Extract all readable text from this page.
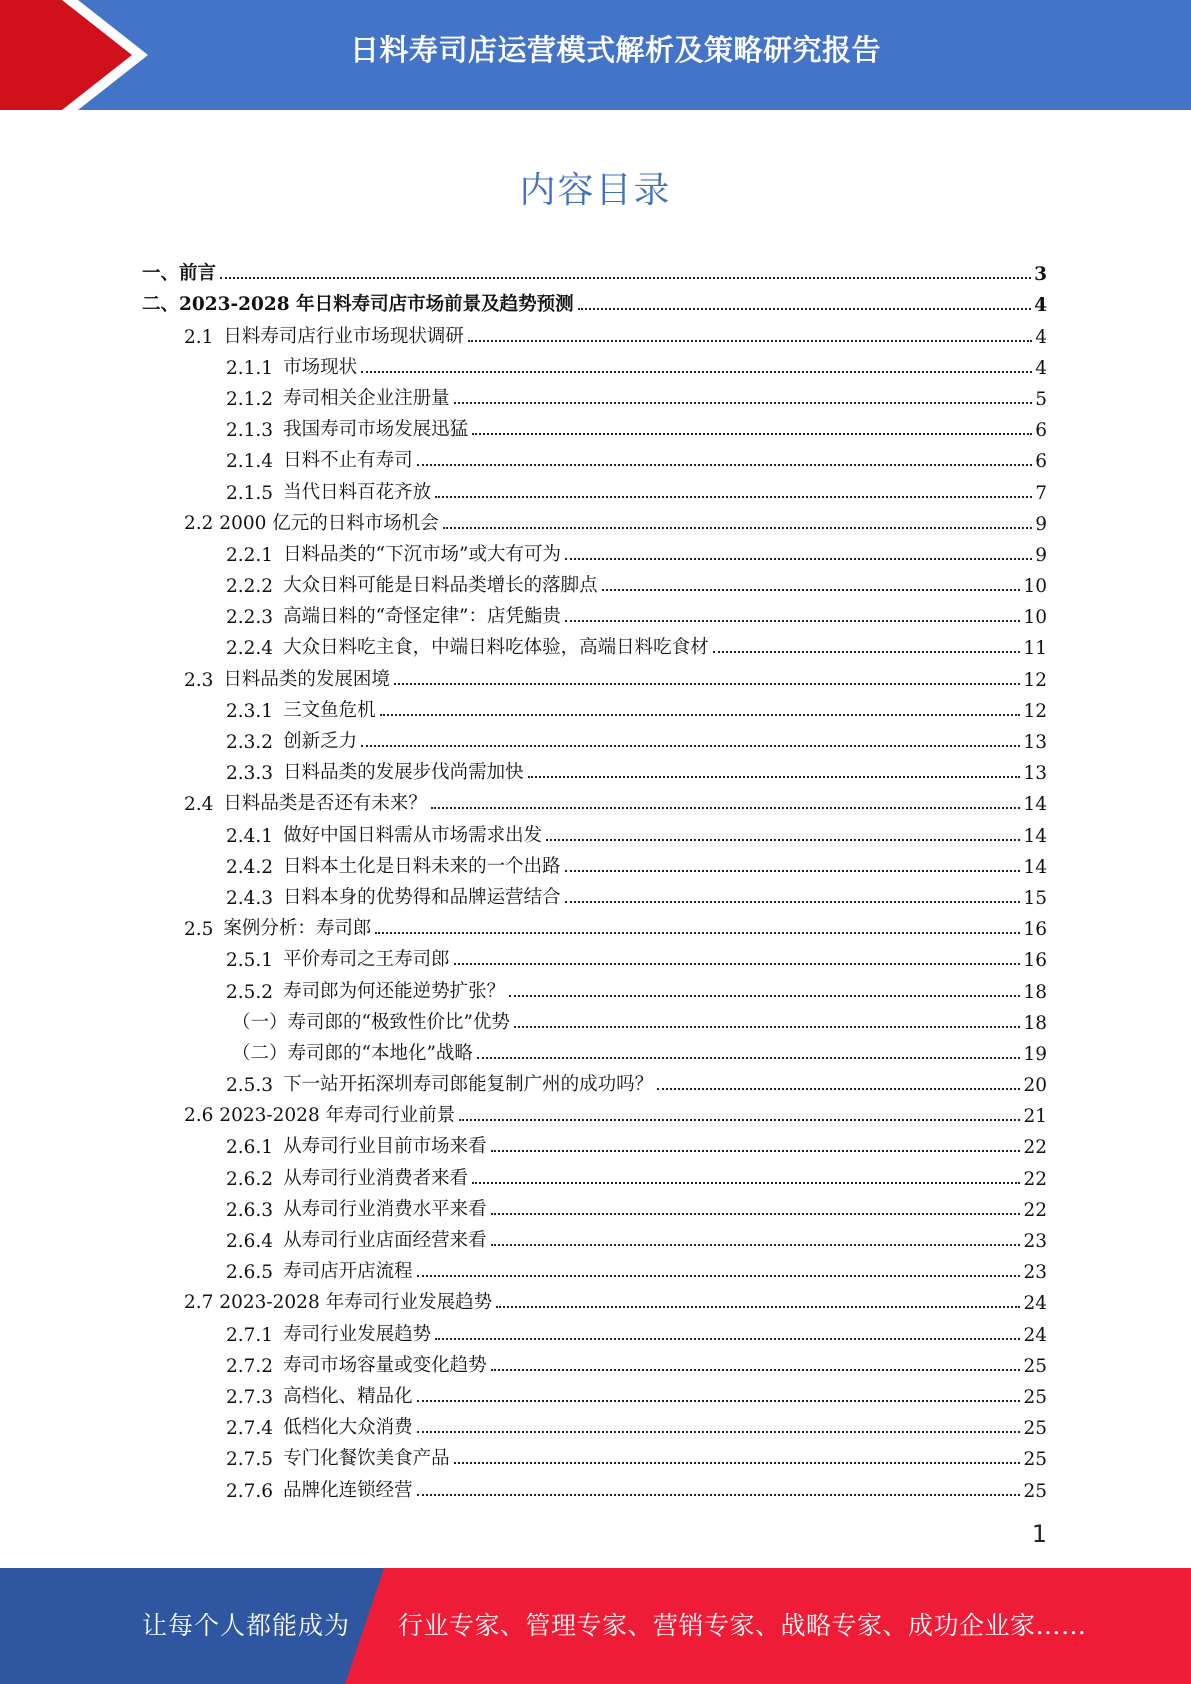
日料寿司店运营模式解析及策略研究报告
内容目录
一、前言	3
二、2023-2028 年日料寿司店市场前景及趋势预测	4
2.1 日料寿司店行业市场现状调研	4
2.1.1 市场现状	4
2.1.2 寿司相关企业注册量	5
2.1.3 我国寿司市场发展迅猛	6
2.1.4 日料不止有寿司	6
2.1.5 当代日料百花齐放	7
2.2 2000 亿元的日料市场机会	9
2.2.1 日料品类的“下沉市场”或大有可为	9
2.2.2 大众日料可能是日料品类增长的落脚点	10
2.2.3 高端日料的“奇怪定律”：店凭鮨贵	10
2.2.4 大众日料吃主食，中端日料吃体验，高端日料吃食材	11
2.3 日料品类的发展困境	12
2.3.1 三文鱼危机	12
2.3.2 创新乏力	13
2.3.3 日料品类的发展步伐尚需加快	13
2.4 日料品类是否还有未来？	14
2.4.1 做好中国日料需从市场需求出发	14
2.4.2 日料本土化是日料未来的一个出路	14
2.4.3 日料本身的优势得和品牌运营结合	15
2.5 案例分析：寿司郎	16
2.5.1 平价寿司之王寿司郎	16
2.5.2 寿司郎为何还能逆势扩张？	18
（一）寿司郎的“极致性价比”优势	18
（二）寿司郎的“本地化”战略	19
2.5.3 下一站开拓深圳寿司郎能复制广州的成功吗？	20
2.6 2023-2028 年寿司行业前景	21
2.6.1 从寿司行业目前市场来看	22
2.6.2 从寿司行业消费者来看	22
2.6.3 从寿司行业消费水平来看	22
2.6.4 从寿司行业店面经营来看	23
2.6.5 寿司店开店流程	23
2.7 2023-2028 年寿司行业发展趋势	24
2.7.1 寿司行业发展趋势	24
2.7.2 寿司市场容量或变化趋势	25
2.7.3 高档化、精品化	25
2.7.4 低档化大众消费	25
2.7.5 专门化餐饮美食产品	25
2.7.6 品牌化连锁经营	25
1
让每个人都能成为 行业专家、管理专家、营销专家、战略专家、成功企业家……
